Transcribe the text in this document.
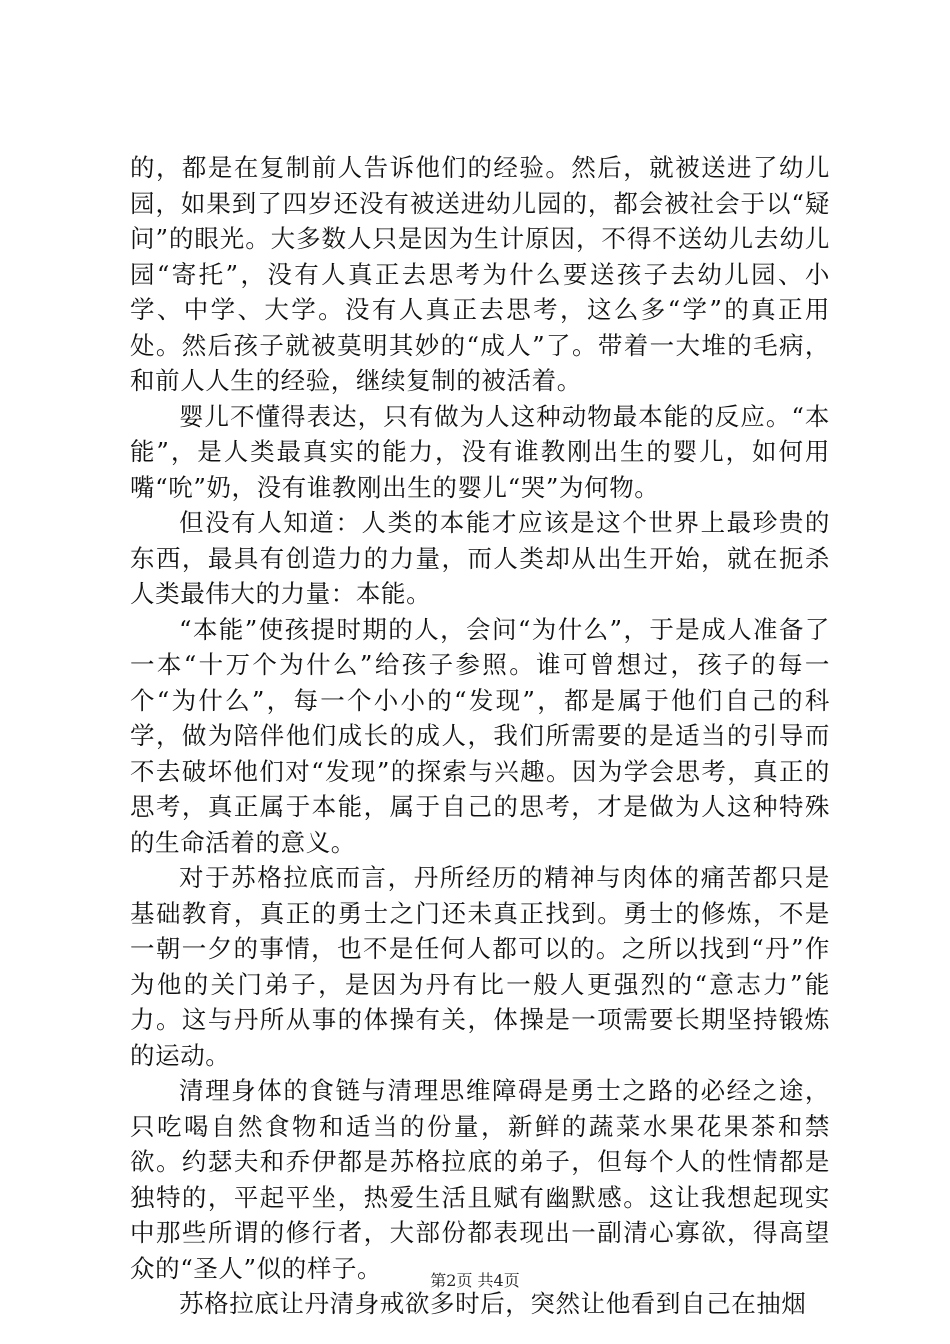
的，都是在复制前人告诉他们的经验。然后，就被送进了幼儿园，如果到了四岁还没有被送进幼儿园的，都会被社会于以“疑问”的眼光。大多数人只是因为生计原因，不得不送幼儿去幼儿园“寄托”，没有人真正去思考为什么要送孩子去幼儿园、小学、中学、大学。没有人真正去思考，这么多“学”的真正用处。然后孩子就被莫明其妙的“成人”了。带着一大堆的毛病，和前人人生的经验，继续复制的被活着。

婴儿不懂得表达，只有做为人这种动物最本能的反应。“本能”，是人类最真实的能力，没有谁教刚出生的婴儿，如何用嘴“吮”奶，没有谁教刚出生的婴儿“哭”为何物。

但没有人知道：人类的本能才应该是这个世界上最珍贵的东西，最具有创造力的力量，而人类却从出生开始，就在扼杀人类最伟大的力量：本能。

“本能”使孩提时期的人，会问“为什么”，于是成人准备了一本“十万个为什么”给孩子参照。谁可曾想过，孩子的每一个“为什么”，每一个小小的“发现”，都是属于他们自己的科学，做为陪伴他们成长的成人，我们所需要的是适当的引导而不去破坏他们对“发现”的探索与兴趣。因为学会思考，真正的思考，真正属于本能，属于自己的思考，才是做为人这种特殊的生命活着的意义。

对于苏格拉底而言，丹所经历的精神与肉体的痛苦都只是基础教育，真正的勇士之门还未真正找到。勇士的修炼，不是一朝一夕的事情，也不是任何人都可以的。之所以找到“丹”作为他的关门弟子，是因为丹有比一般人更强烈的“意志力”能力。这与丹所从事的体操有关，体操是一项需要长期坚持锻炼的运动。

清理身体的食链与清理思维障碍是勇士之路的必经之途，只吃喝自然食物和适当的份量，新鲜的蔬菜水果花果茶和禁欲。约瑟夫和乔伊都是苏格拉底的弟子，但每个人的性情都是独特的，平起平坐，热爱生活且赋有幽默感。这让我想起现实中那些所谓的修行者，大部份都表现出一副清心寡欲，得高望众的“圣人”似的样子。

苏格拉底让丹清身戒欲多时后，突然让他看到自己在抽烟

第2页 共4页
